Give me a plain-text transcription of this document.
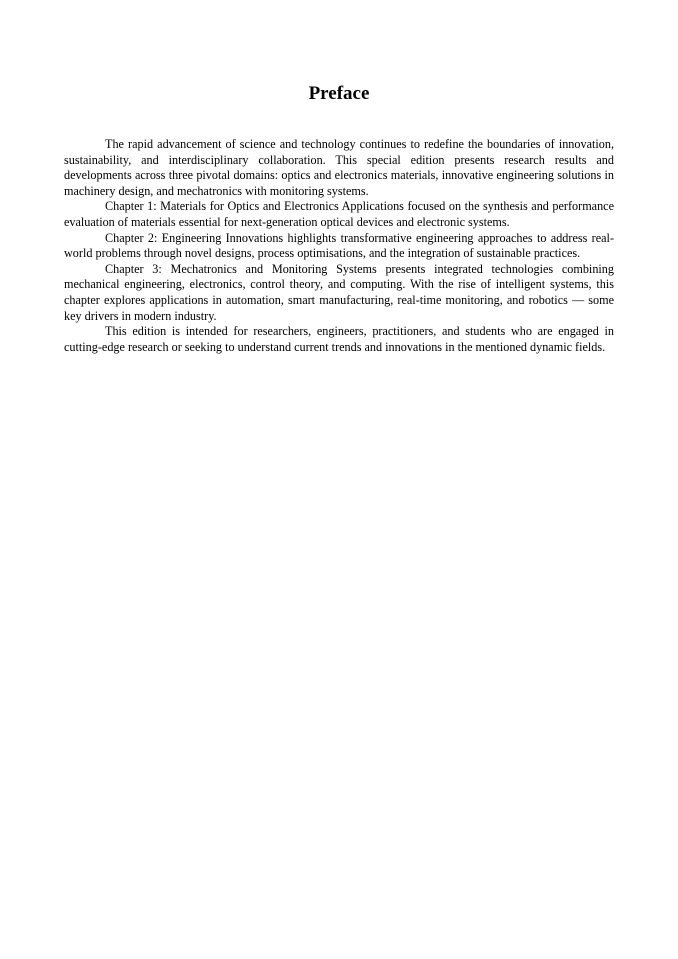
Preface

The rapid advancement of science and technology continues to redefine the boundaries of innovation, sustainability, and interdisciplinary collaboration. This special edition presents research results and developments across three pivotal domains: optics and electronics materials, innovative engineering solutions in machinery design, and mechatronics with monitoring systems.

Chapter 1: Materials for Optics and Electronics Applications focused on the synthesis and performance evaluation of materials essential for next-generation optical devices and electronic systems.

Chapter 2: Engineering Innovations highlights transformative engineering approaches to address real-world problems through novel designs, process optimisations, and the integration of sustainable practices.

Chapter 3: Mechatronics and Monitoring Systems presents integrated technologies combining mechanical engineering, electronics, control theory, and computing. With the rise of intelligent systems, this chapter explores applications in automation, smart manufacturing, real-time monitoring, and robotics — some key drivers in modern industry.

This edition is intended for researchers, engineers, practitioners, and students who are engaged in cutting-edge research or seeking to understand current trends and innovations in the mentioned dynamic fields.
